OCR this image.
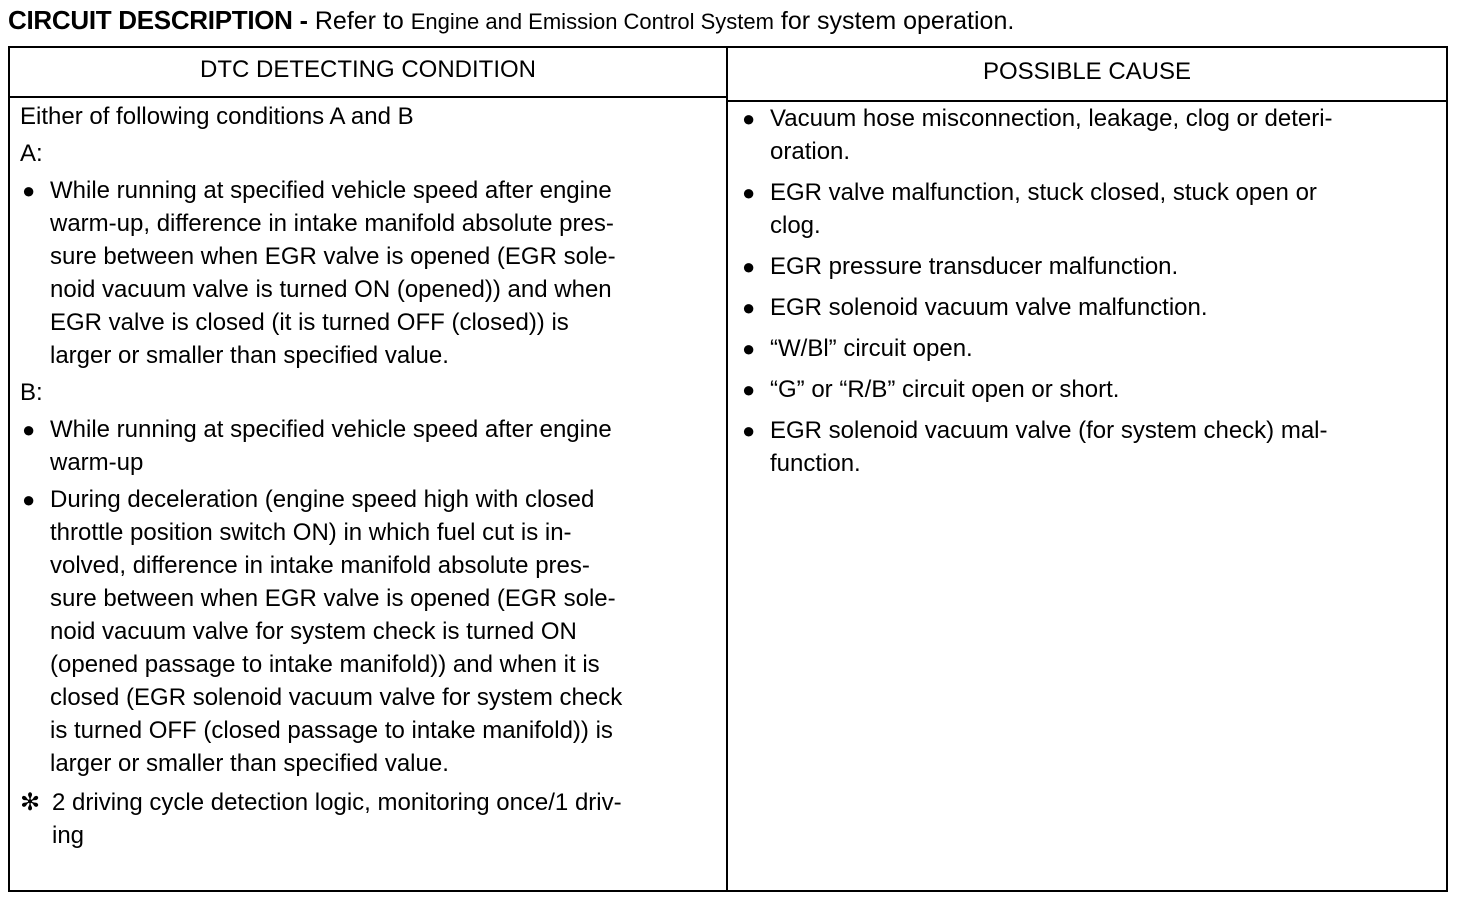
CIRCUIT DESCRIPTION - Refer to Engine and Emission Control System for system operation.
DTC DETECTING CONDITION	POSSIBLE CAUSE
Either of following conditions A and B
A:
● While running at specified vehicle speed after engine
warm-up, difference in intake manifold absolute pres-
sure between when EGR valve is opened (EGR sole-
noid vacuum valve is turned ON (opened)) and when
EGR valve is closed (it is turned OFF (closed)) is
larger or smaller than specified value.
B:
● While running at specified vehicle speed after engine
warm-up
● During deceleration (engine speed high with closed
throttle position switch ON) in which fuel cut is in-
volved, difference in intake manifold absolute pres-
sure between when EGR valve is opened (EGR sole-
noid vacuum valve for system check is turned ON
(opened passage to intake manifold)) and when it is
closed (EGR solenoid vacuum valve for system check
is turned OFF (closed passage to intake manifold)) is
larger or smaller than specified value.
✻ 2 driving cycle detection logic, monitoring once/1 driv-
ing
● Vacuum hose misconnection, leakage, clog or deteri-
oration.
● EGR valve malfunction, stuck closed, stuck open or
clog.
● EGR pressure transducer malfunction.
● EGR solenoid vacuum valve malfunction.
● “W/Bl” circuit open.
● “G” or “R/B” circuit open or short.
● EGR solenoid vacuum valve (for system check) mal-
function.
